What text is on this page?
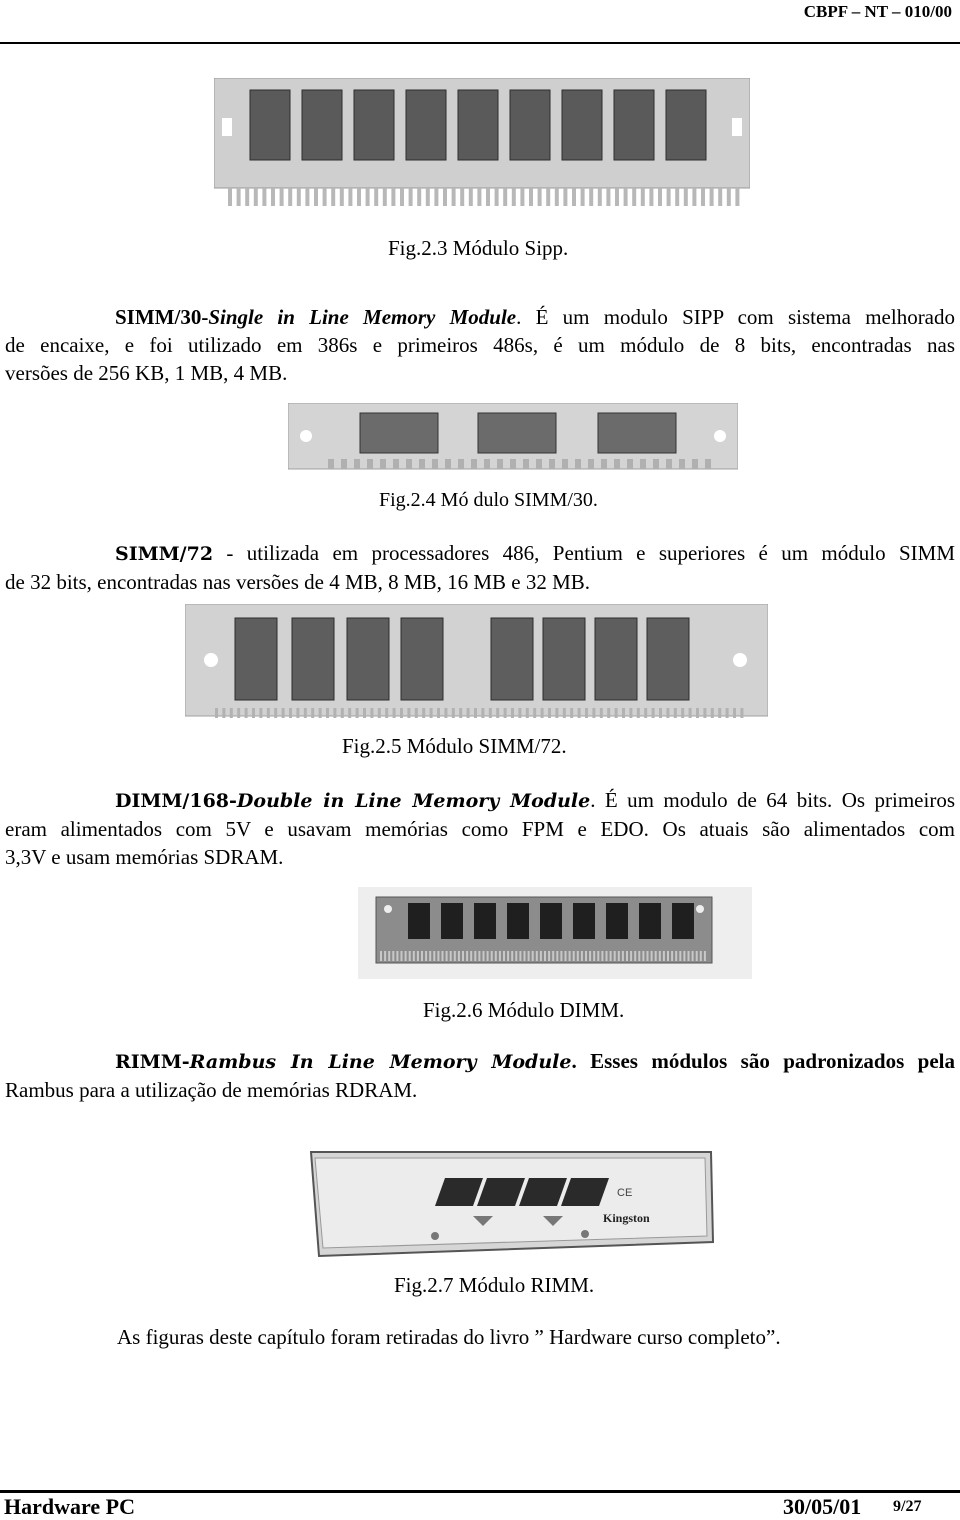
CBPF – NT – 010/00
Fig.2.3 Módulo Sipp.
SIMM/30-Single in Line Memory Module. É um modulo SIPP com sistema melhorado
de encaixe, e foi utilizado em 386s e primeiros 486s, é um módulo de 8 bits, encontradas nas
versões de 256 KB, 1 MB, 4 MB.
Fig.2.4 Mó dulo SIMM/30.
SIMM/72 - utilizada em processadores 486, Pentium e superiores é um módulo SIMM
de 32 bits, encontradas nas versões de 4 MB, 8 MB, 16 MB e 32 MB.
Fig.2.5 Módulo SIMM/72.
DIMM/168-Double in Line Memory Module. É um modulo de 64 bits. Os primeiros
eram alimentados com 5V e usavam memórias como FPM e EDO. Os atuais são alimentados com
3,3V e usam memórias SDRAM.
Fig.2.6 Módulo DIMM.
RIMM-Rambus In Line Memory Module. Esses módulos são padronizados pela
Rambus para a utilização de memórias RDRAM.
CE
Kingston
Fig.2.7 Módulo RIMM.
As figuras deste capítulo foram retiradas do livro ” Hardware curso completo”.
Hardware PC	30/05/01 9/27
